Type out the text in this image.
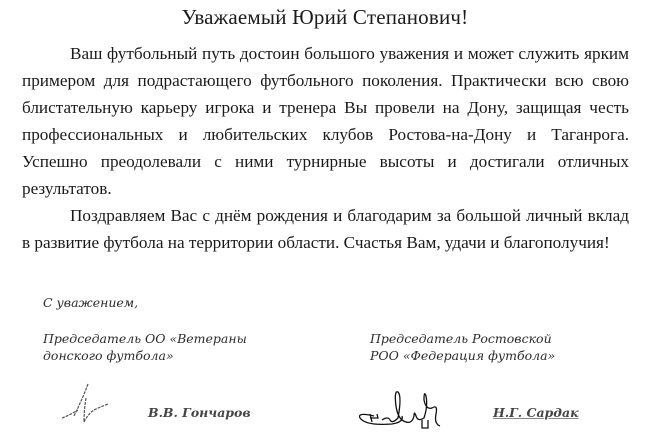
Уважаемый Юрий Степанович!
Ваш футбольный путь достоин большого уважения и может служить ярким примером для подрастающего футбольного поколения. Практически всю свою блистательную карьеру игрока и тренера Вы провели на Дону, защищая честь профессиональных и любительских клубов Ростова-на-Дону и Таганрога. Успешно преодолевали с ними турнирные высоты и достигали отличных результатов.
Поздравляем Вас с днём рождения и благодарим за большой личный вклад в развитие футбола на территории области. Счастья Вам, удачи и благополучия!
С уважением,
Председатель ОО «Ветераны
донского футбола»
Председатель Ростовской
РОО «Федерация футбола»
В.В. Гончаров	Н.Г. Сардак
